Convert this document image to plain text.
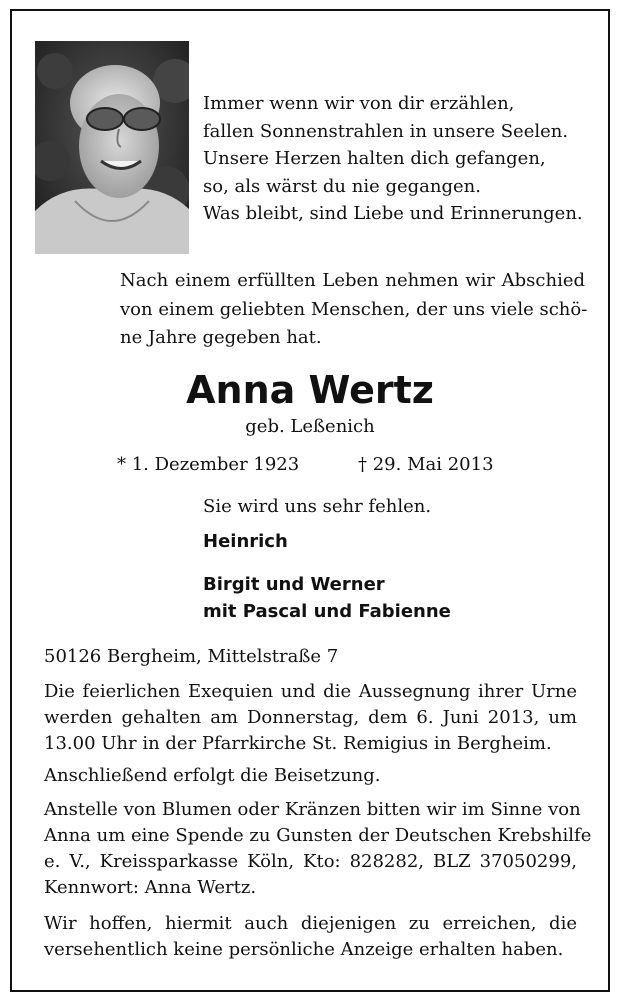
Immer wenn wir von dir erzählen,
fallen Sonnenstrahlen in unsere Seelen.
Unsere Herzen halten dich gefangen,
so, als wärst du nie gegangen.
Was bleibt, sind Liebe und Erinnerungen.
Nach einem erfüllten Leben nehmen wir Abschied
von einem geliebten Menschen, der uns viele schö-
ne Jahre gegeben hat.
Anna Wertz
geb. Leßenich
* 1. Dezember 1923	† 29. Mai 2013
Sie wird uns sehr fehlen.
Heinrich
Birgit und Werner
mit Pascal und Fabienne
50126 Bergheim, Mittelstraße 7
Die feierlichen Exequien und die Aussegnung ihrer Urne
werden gehalten am Donnerstag, dem 6. Juni 2013, um
13.00 Uhr in der Pfarrkirche St. Remigius in Bergheim.
Anschließend erfolgt die Beisetzung.
Anstelle von Blumen oder Kränzen bitten wir im Sinne von
Anna um eine Spende zu Gunsten der Deutschen Krebshilfe
e. V., Kreissparkasse Köln, Kto: 828282, BLZ 37050299,
Kennwort: Anna Wertz.
Wir hoffen, hiermit auch diejenigen zu erreichen, die
versehentlich keine persönliche Anzeige erhalten haben.
